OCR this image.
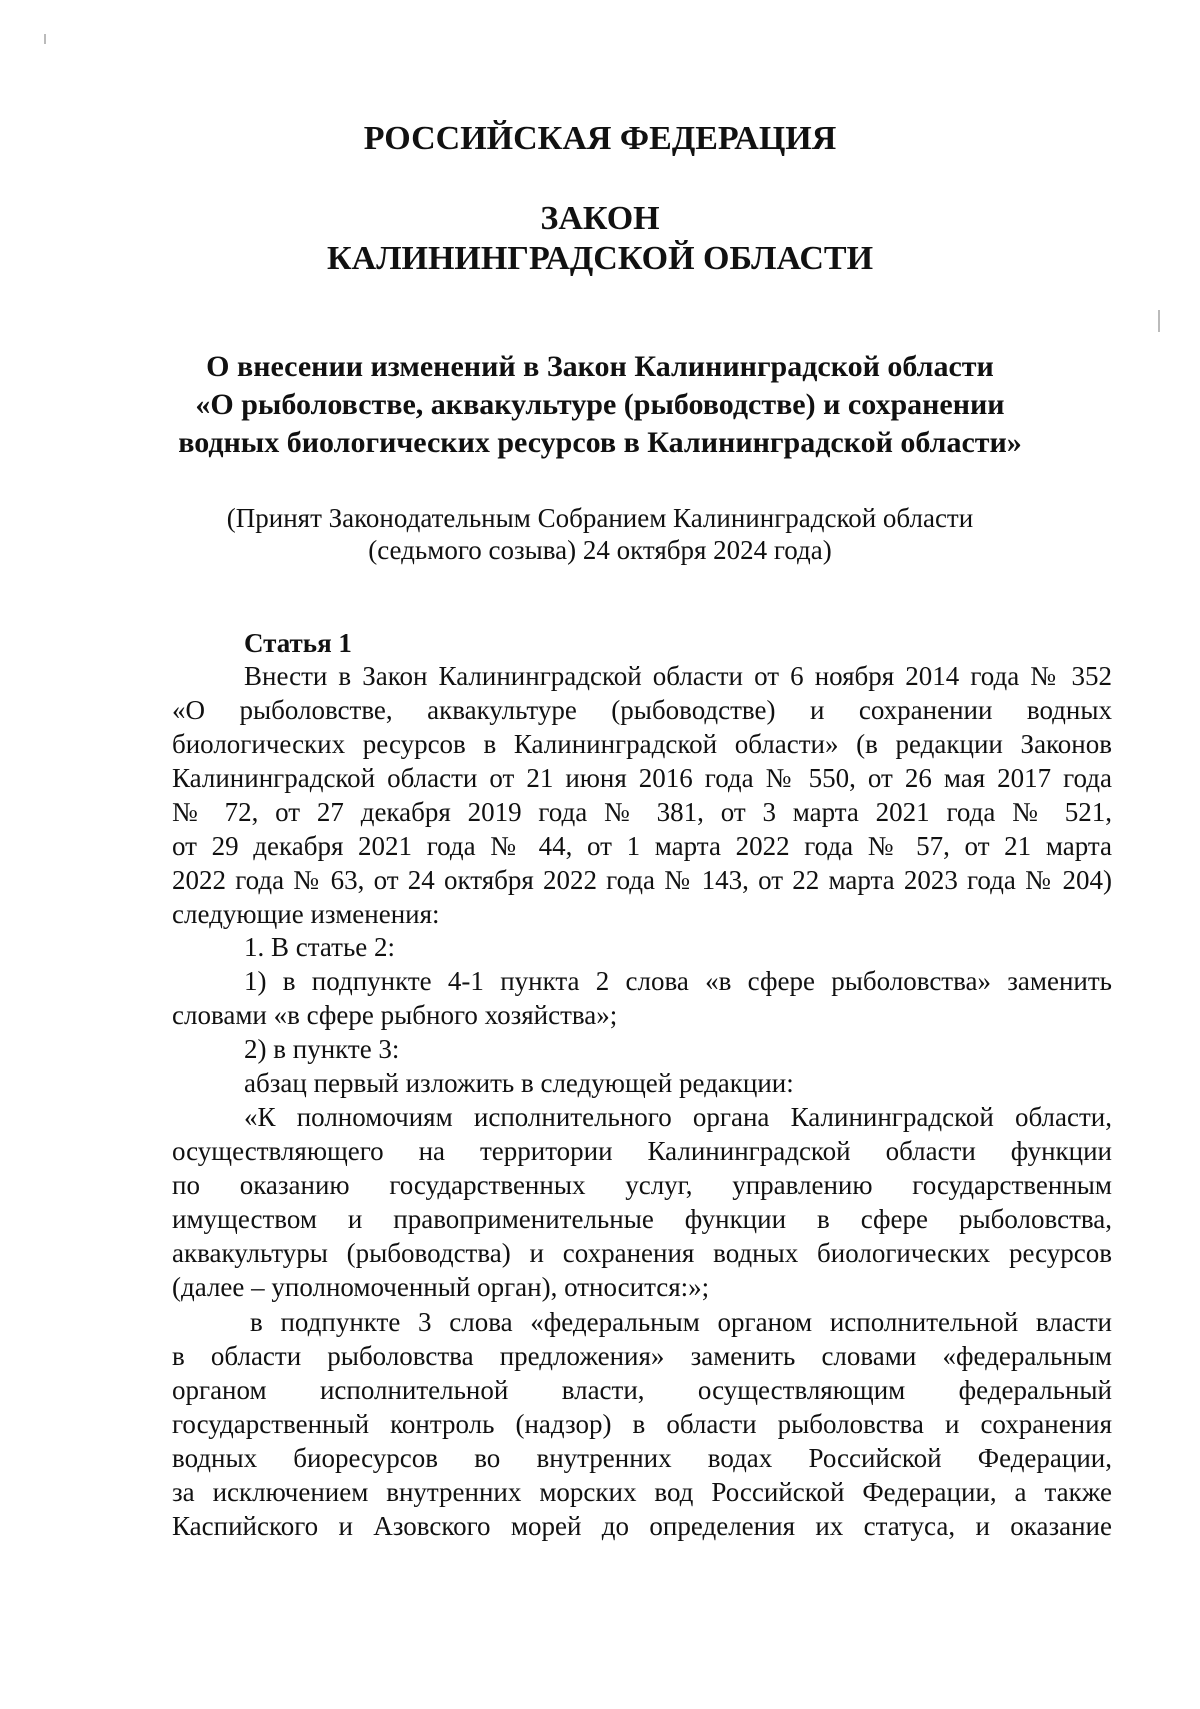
РОССИЙСКАЯ ФЕДЕРАЦИЯ
ЗАКОН
КАЛИНИНГРАДСКОЙ ОБЛАСТИ
О внесении изменений в Закон Калининградской области
«О рыболовстве, аквакультуре (рыбоводстве) и сохранении
водных биологических ресурсов в Калининградской области»
(Принят Законодательным Собранием Калининградской области
(седьмого созыва) 24 октября 2024 года)
Статья 1
Внести в Закон Калининградской области от 6 ноября 2014 года № 352
«О рыболовстве, аквакультуре (рыбоводстве) и сохранении водных
биологических ресурсов в Калининградской области» (в редакции Законов
Калининградской области от 21 июня 2016 года № 550, от 26 мая 2017 года
№ 72, от 27 декабря 2019 года № 381, от 3 марта 2021 года № 521,
от 29 декабря 2021 года № 44, от 1 марта 2022 года № 57, от 21 марта
2022 года № 63, от 24 октября 2022 года № 143, от 22 марта 2023 года № 204)
следующие изменения:
1. В статье 2:
1) в подпункте 4-1 пункта 2 слова «в сфере рыболовства» заменить
словами «в сфере рыбного хозяйства»;
2) в пункте 3:
абзац первый изложить в следующей редакции:
«К полномочиям исполнительного органа Калининградской области,
осуществляющего на территории Калининградской области функции
по оказанию государственных услуг, управлению государственным
имуществом и правоприменительные функции в сфере рыболовства,
аквакультуры (рыбоводства) и сохранения водных биологических ресурсов
(далее – уполномоченный орган), относится:»;
в подпункте 3 слова «федеральным органом исполнительной власти
в области рыболовства предложения» заменить словами «федеральным
органом исполнительной власти, осуществляющим федеральный
государственный контроль (надзор) в области рыболовства и сохранения
водных биоресурсов во внутренних водах Российской Федерации,
за исключением внутренних морских вод Российской Федерации, а также
Каспийского и Азовского морей до определения их статуса, и оказание
